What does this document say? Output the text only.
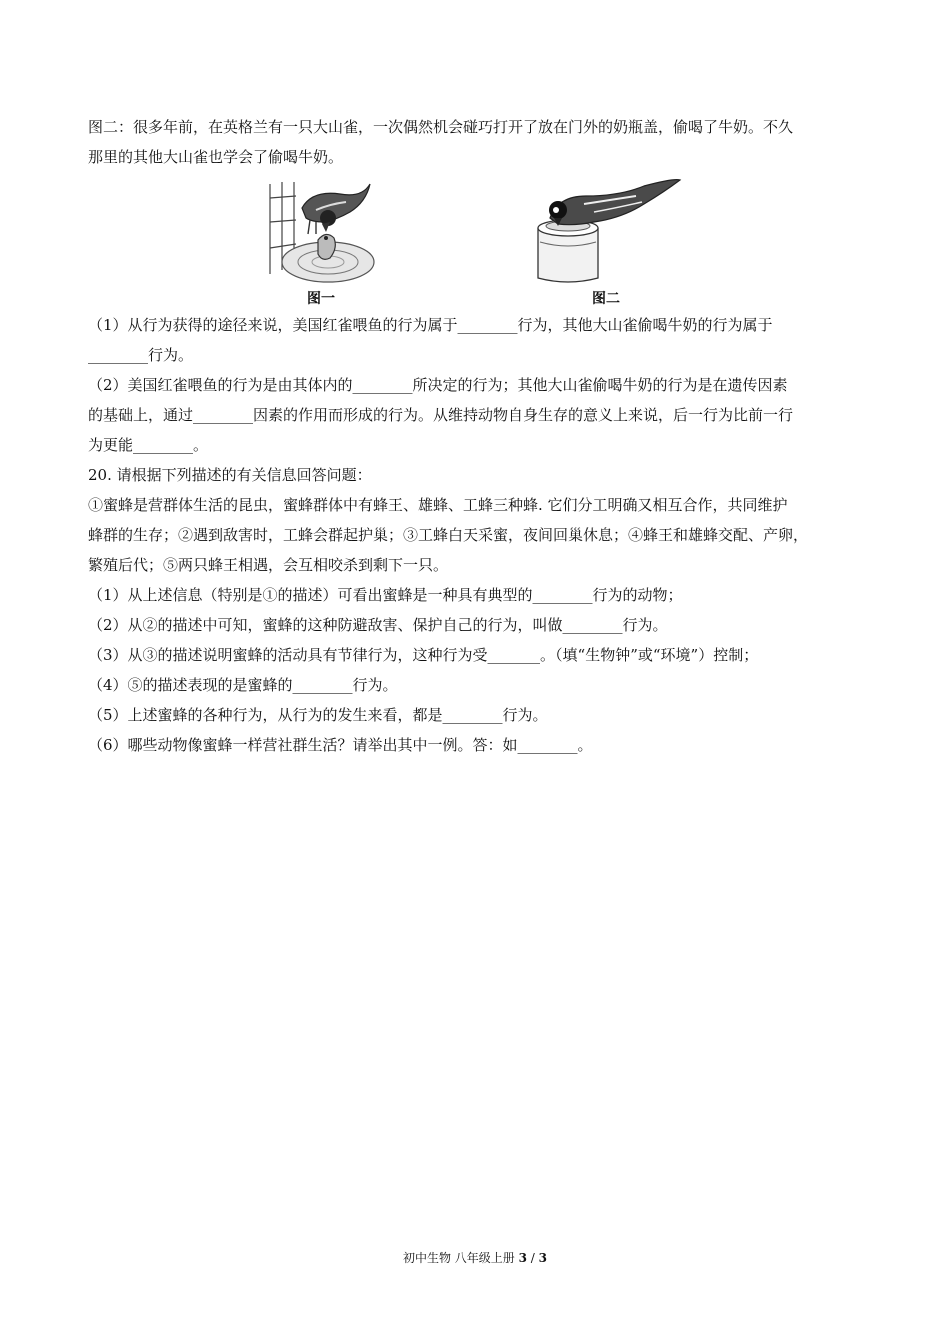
图二：很多年前，在英格兰有一只大山雀，一次偶然机会碰巧打开了放在门外的奶瓶盖，偷喝了牛奶。不久

那里的其他大山雀也学会了偷喝牛奶。

图一	图二

（1）从行为获得的途径来说，美国红雀喂鱼的行为属于________行为，其他大山雀偷喝牛奶的行为属于

________行为。

（2）美国红雀喂鱼的行为是由其体内的________所决定的行为；其他大山雀偷喝牛奶的行为是在遗传因素

的基础上，通过________因素的作用而形成的行为。从维持动物自身生存的意义上来说，后一行为比前一行

为更能________。

20. 请根据下列描述的有关信息回答问题：

①蜜蜂是营群体生活的昆虫，蜜蜂群体中有蜂王、雄蜂、工蜂三种蜂. 它们分工明确又相互合作，共同维护

蜂群的生存；②遇到敌害时，工蜂会群起护巢；③工蜂白天采蜜，夜间回巢休息；④蜂王和雄蜂交配、产卵，

繁殖后代；⑤两只蜂王相遇，会互相咬杀到剩下一只。

（1）从上述信息（特别是①的描述）可看出蜜蜂是一种具有典型的________行为的动物；

（2）从②的描述中可知，蜜蜂的这种防避敌害、保护自己的行为，叫做________行为。

（3）从③的描述说明蜜蜂的活动具有节律行为，这种行为受_______。（填“生物钟”或“环境”）控制；

（4）⑤的描述表现的是蜜蜂的________行为。

（5）上述蜜蜂的各种行为，从行为的发生来看，都是________行为。

（6）哪些动物像蜜蜂一样营社群生活？请举出其中一例。答：如________。

初中生物 八年级上册 3 / 3
